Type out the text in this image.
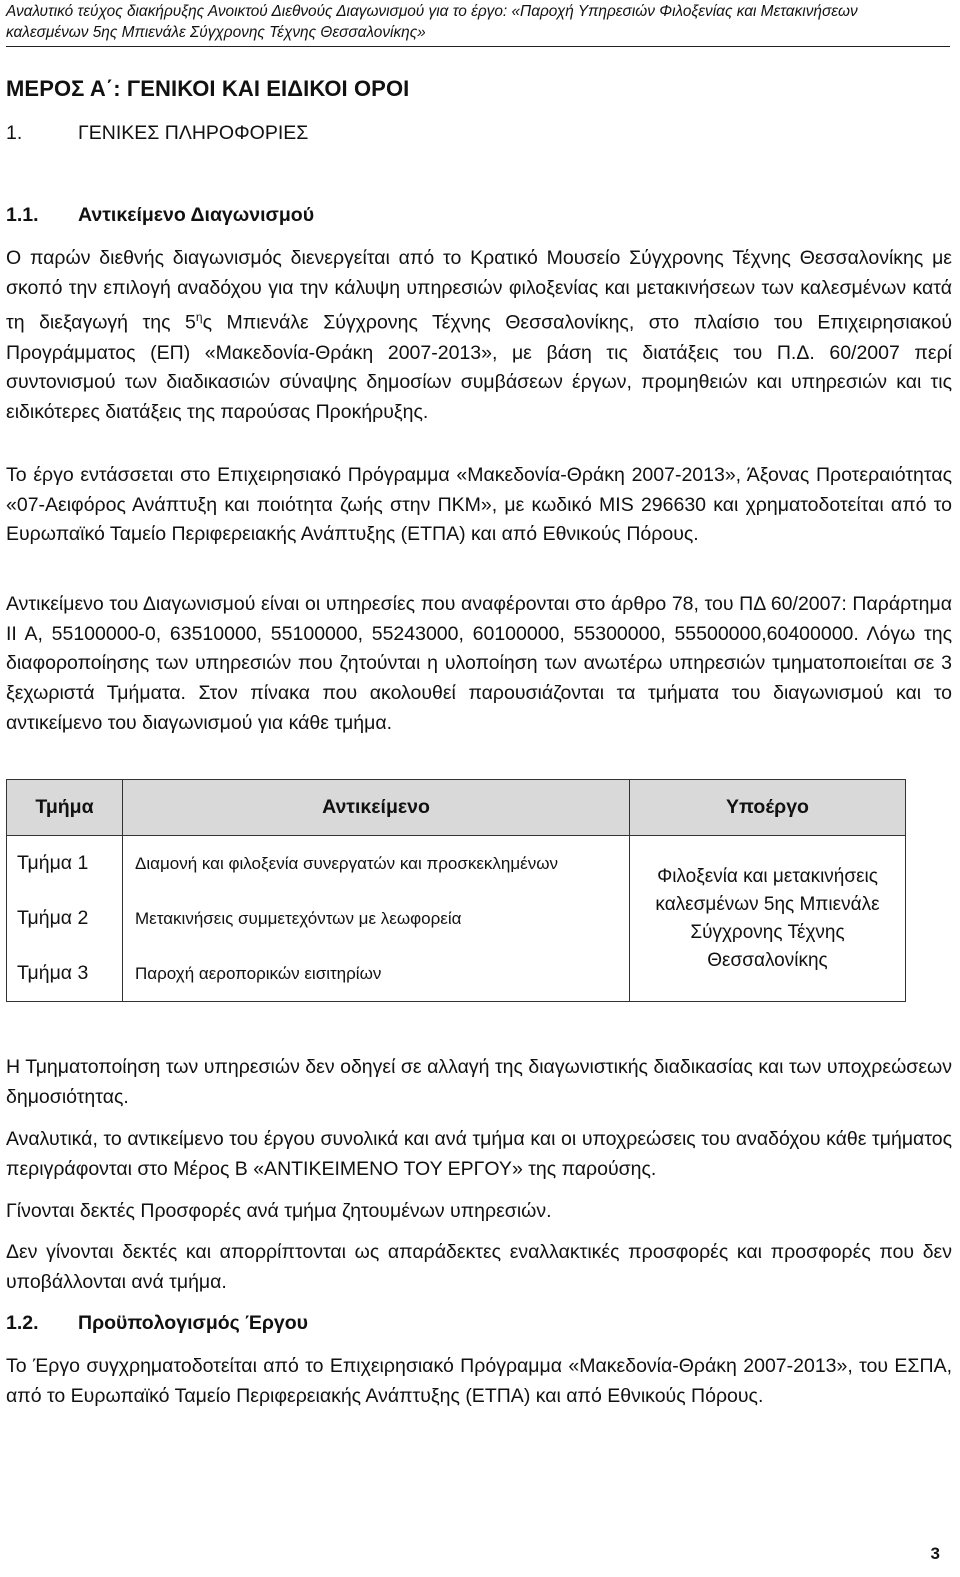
Αναλυτικό τεύχος διακήρυξης Ανοικτού Διεθνούς Διαγωνισμού για το έργο: «Παροχή Υπηρεσιών Φιλοξενίας και Μετακινήσεων
καλεσμένων 5ης Μπιενάλε Σύγχρονης Τέχνης Θεσσαλονίκης»
ΜΕΡΟΣ Α΄: ΓΕΝΙΚΟΙ ΚΑΙ ΕΙΔΙΚΟΙ ΟΡΟΙ
1.	ΓΕΝΙΚΕΣ ΠΛΗΡΟΦΟΡΙΕΣ
1.1. Αντικείμενο Διαγωνισμού

Ο παρών διεθνής διαγωνισμός διενεργείται από το Κρατικό Μουσείο Σύγχρονης Τέχνης Θεσσαλονίκης με σκοπό την επιλογή αναδόχου για την κάλυψη υπηρεσιών φιλοξενίας και μετακινήσεων των καλεσμένων κατά τη διεξαγωγή της $5^\eta\varsigma$ Μπιενάλε Σύγχρονης Τέχνης Θεσσαλονίκης, στο πλαίσιο του Επιχειρησιακού Προγράμματος (ΕΠ) «Μακεδονία-Θράκη 2007-2013», με βάση τις διατάξεις του Π.Δ. 60/2007 περί συντονισμού των διαδικασιών σύναψης δημοσίων συμβάσεων έργων, προμηθειών και υπηρεσιών και τις ειδικότερες διατάξεις της παρούσας Προκήρυξης.

Το έργο εντάσσεται στο Επιχειρησιακό Πρόγραμμα «Μακεδονία-Θράκη 2007-2013», Άξονας Προτεραιότητας «07-Αειφόρος Ανάπτυξη και ποιότητα ζωής στην ΠΚΜ», με κωδικό MIS 296630 και χρηματοδοτείται από το Ευρωπαϊκό Ταμείο Περιφερειακής Ανάπτυξης (ΕΤΠΑ) και από Εθνικούς Πόρους.

Αντικείμενο του Διαγωνισμού είναι οι υπηρεσίες που αναφέρονται στο άρθρο 78, του ΠΔ 60/2007: Παράρτημα ΙΙ Α, 55100000-0, 63510000, 55100000, 55243000, 60100000, 55300000, 55500000,60400000. Λόγω της διαφοροποίησης των υπηρεσιών που ζητούνται η υλοποίηση των ανωτέρω υπηρεσιών τμηματοποιείται σε 3 ξεχωριστά Τμήματα. Στον πίνακα που ακολουθεί παρουσιάζονται τα τμήματα του διαγωνισμού και το αντικείμενο του διαγωνισμού για κάθε τμήμα.

Τμήμα	Αντικείμενο	Υποέργο
Τμήμα 1	Διαμονή και φιλοξενία συνεργατών και προσκεκλημένων	Φιλοξενία και μετακινήσεις καλεσμένων 5ης Μπιενάλε Σύγχρονης Τέχνης Θεσσαλονίκης

Τμήμα 2	Μετακινήσεις συμμετεχόντων με λεωφορεία	
Τμήμα 3	Παροχή αεροπορικών εισιτηρίων	

Η Τμηματοποίηση των υπηρεσιών δεν οδηγεί σε αλλαγή της διαγωνιστικής διαδικασίας και των υποχρεώσεων δημοσιότητας.

Αναλυτικά, το αντικείμενο του έργου συνολικά και ανά τμήμα και οι υποχρεώσεις του αναδόχου κάθε τμήματος περιγράφονται στο Μέρος Β «ΑΝΤΙΚΕΙΜΕΝΟ ΤΟΥ ΕΡΓΟΥ» της παρούσης.

Γίνονται δεκτές Προσφορές ανά τμήμα ζητουμένων υπηρεσιών.

Δεν γίνονται δεκτές και απορρίπτονται ως απαράδεκτες εναλλακτικές προσφορές και προσφορές που δεν υποβάλλονται ανά τμήμα.

1.2. Προϋπολογισμός Έργου

Το Έργο συγχρηματοδοτείται από το Επιχειρησιακό Πρόγραμμα «Μακεδονία-Θράκη 2007-2013», του ΕΣΠΑ, από το Ευρωπαϊκό Ταμείο Περιφερειακής Ανάπτυξης (ΕΤΠΑ) και από Εθνικούς Πόρους.

3
